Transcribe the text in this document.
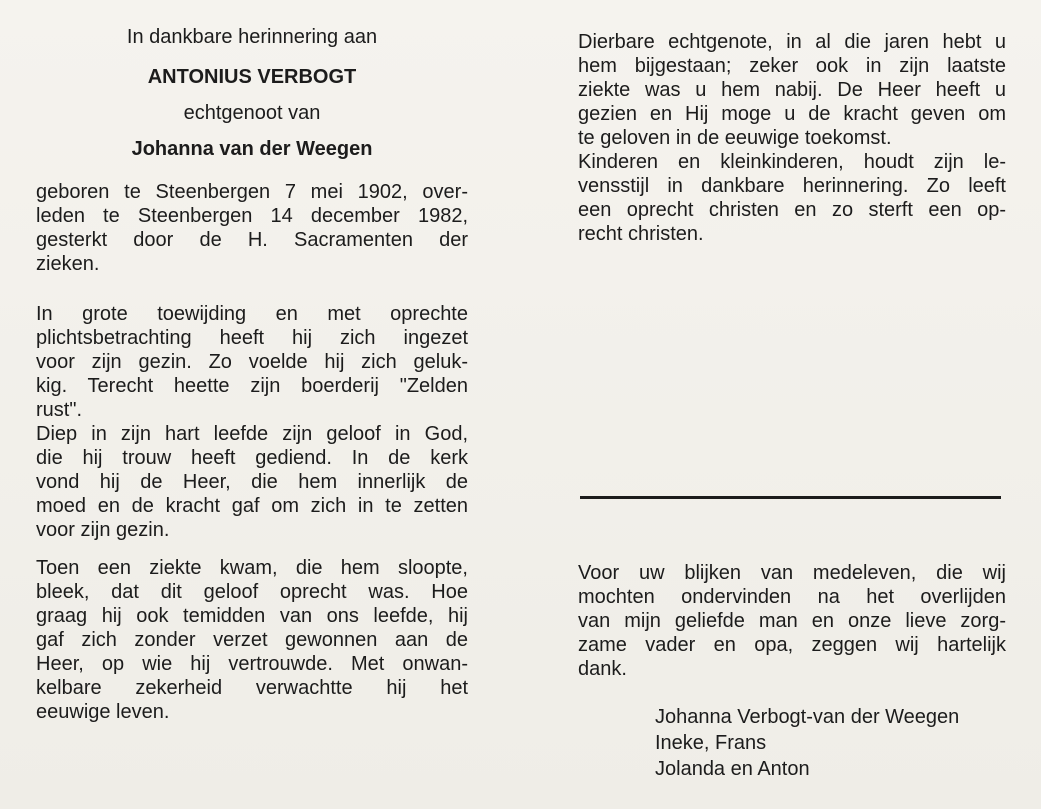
In dankbare herinnering aan

ANTONIUS VERBOGT

echtgenoot van

Johanna van der Weegen

geboren te Steenbergen 7 mei 1902, over-
leden te Steenbergen 14 december 1982,
gesterkt door de H. Sacramenten der
zieken.
In grote toewijding en met oprechte
plichtsbetrachting heeft hij zich ingezet
voor zijn gezin. Zo voelde hij zich geluk-
kig. Terecht heette zijn boerderij "Zelden
rust".
Diep in zijn hart leefde zijn geloof in God,
die hij trouw heeft gediend. In de kerk
vond hij de Heer, die hem innerlijk de
moed en de kracht gaf om zich in te zetten
voor zijn gezin.
Toen een ziekte kwam, die hem sloopte,
bleek, dat dit geloof oprecht was. Hoe
graag hij ook temidden van ons leefde, hij
gaf zich zonder verzet gewonnen aan de
Heer, op wie hij vertrouwde. Met onwan-
kelbare zekerheid verwachtte hij het
eeuwige leven.
Dierbare echtgenote, in al die jaren hebt u
hem bijgestaan; zeker ook in zijn laatste
ziekte was u hem nabij. De Heer heeft u
gezien en Hij moge u de kracht geven om
te geloven in de eeuwige toekomst.
Kinderen en kleinkinderen, houdt zijn le-
vensstijl in dankbare herinnering. Zo leeft
een oprecht christen en zo sterft een op-
recht christen.
Voor uw blijken van medeleven, die wij
mochten ondervinden na het overlijden
van mijn geliefde man en onze lieve zorg-
zame vader en opa, zeggen wij hartelijk
dank.
Johanna Verbogt-van der Weegen
Ineke, Frans
Jolanda en Anton
